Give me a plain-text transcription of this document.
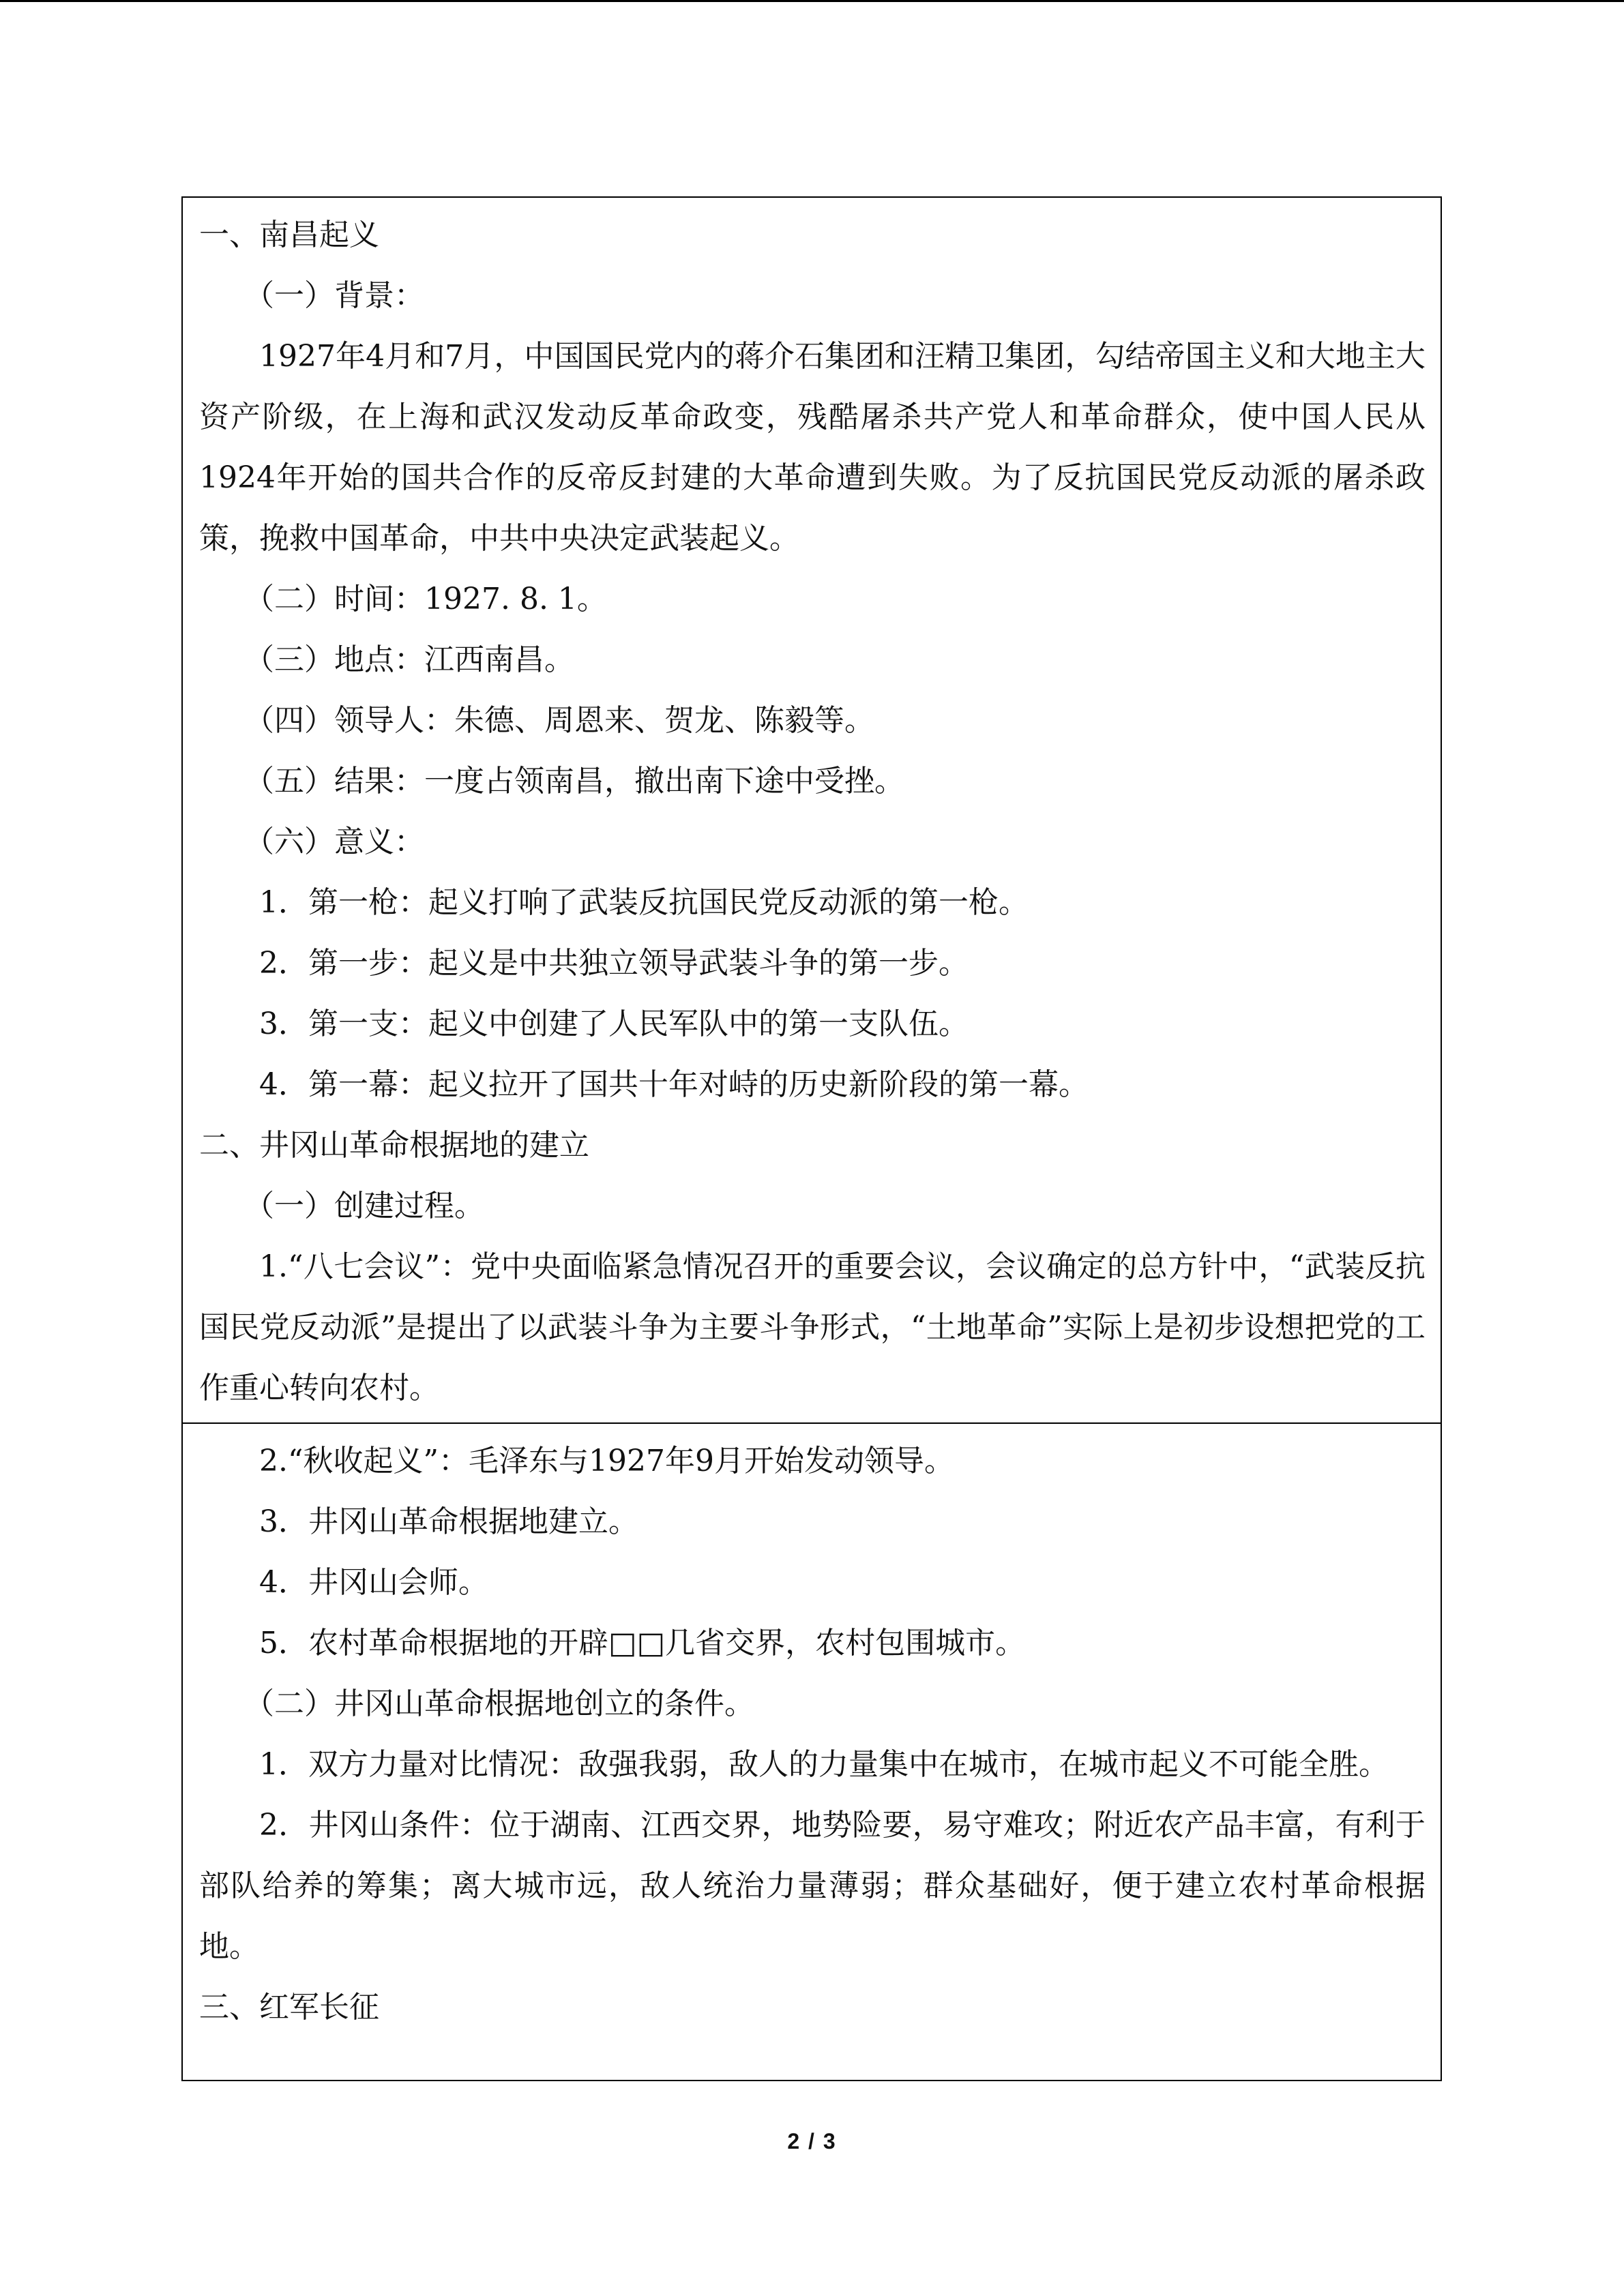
一、南昌起义

（一）背景：

1927年4月和7月，中国国民党内的蒋介石集团和汪精卫集团，勾结帝国主义和大地主大资产阶级，在上海和武汉发动反革命政变，残酷屠杀共产党人和革命群众，使中国人民从1924年开始的国共合作的反帝反封建的大革命遭到失败。为了反抗国民党反动派的屠杀政策，挽救中国革命，中共中央决定武装起义。

（二）时间：1927. 8. 1。

（三）地点：江西南昌。

（四）领导人：朱德、周恩来、贺龙、陈毅等。

（五）结果：一度占领南昌，撤出南下途中受挫。

（六）意义：

1．第一枪：起义打响了武装反抗国民党反动派的第一枪。

2．第一步：起义是中共独立领导武装斗争的第一步。

3．第一支：起义中创建了人民军队中的第一支队伍。

4．第一幕：起义拉开了国共十年对峙的历史新阶段的第一幕。

二、井冈山革命根据地的建立

（一）创建过程。

1.“八七会议”：党中央面临紧急情况召开的重要会议，会议确定的总方针中，“武装反抗国民党反动派”是提出了以武装斗争为主要斗争形式，“土地革命”实际上是初步设想把党的工作重心转向农村。

2.“秋收起义”：毛泽东与1927年9月开始发动领导。

3．井冈山革命根据地建立。

4．井冈山会师。

5．农村革命根据地的开辟□□几省交界，农村包围城市。

（二）井冈山革命根据地创立的条件。

1．双方力量对比情况：敌强我弱，敌人的力量集中在城市，在城市起义不可能全胜。

2．井冈山条件：位于湖南、江西交界，地势险要，易守难攻；附近农产品丰富，有利于部队给养的筹集；离大城市远，敌人统治力量薄弱；群众基础好，便于建立农村革命根据地。

三、红军长征

2 / 3
